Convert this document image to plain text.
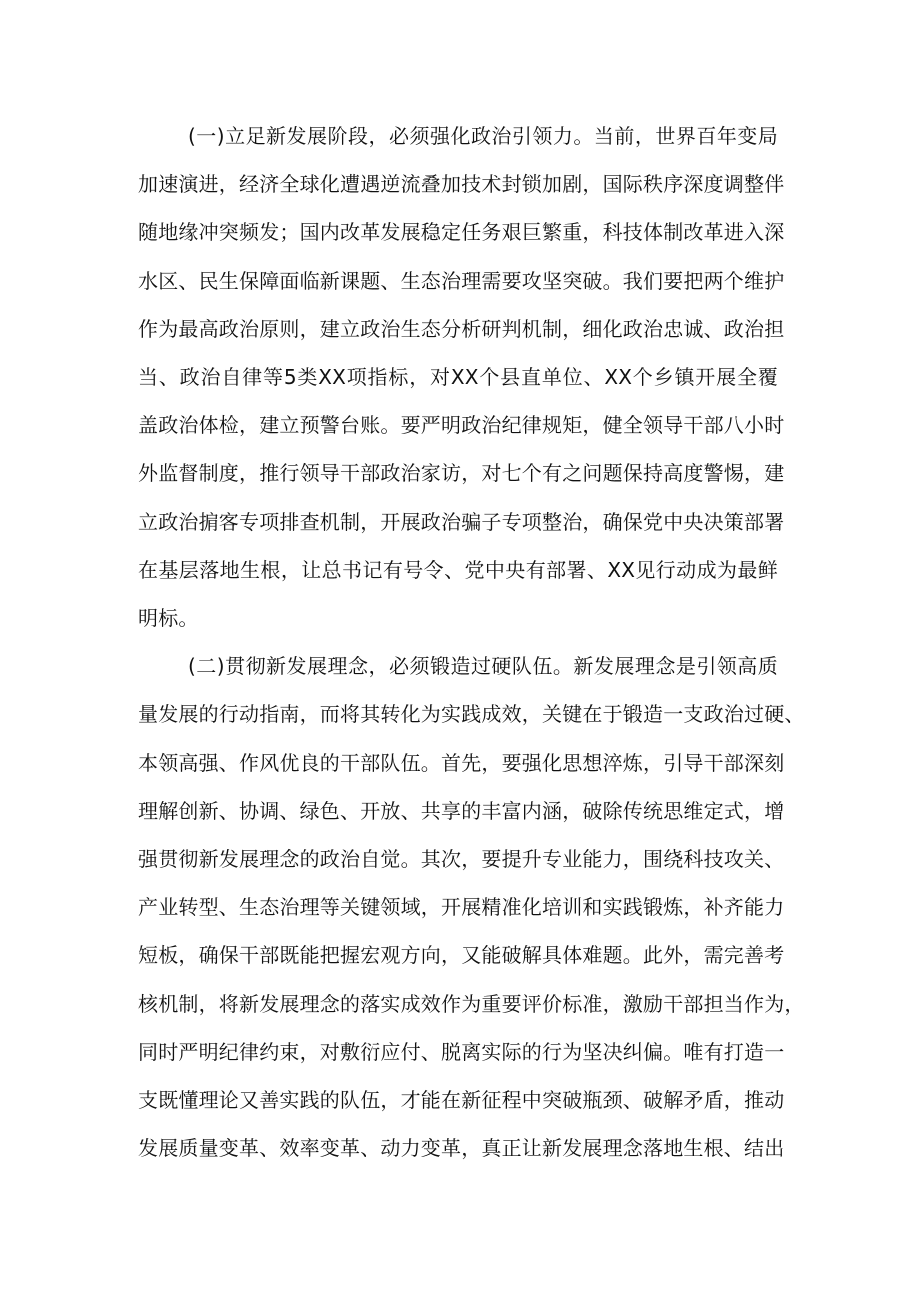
(一)立足新发展阶段，必须强化政治引领力。当前，世界百年变局
加速演进，经济全球化遭遇逆流叠加技术封锁加剧，国际秩序深度调整伴
随地缘冲突频发；国内改革发展稳定任务艰巨繁重，科技体制改革进入深
水区、民生保障面临新课题、生态治理需要攻坚突破。我们要把两个维护
作为最高政治原则，建立政治生态分析研判机制，细化政治忠诚、政治担
当、政治自律等5类XX项指标，对XX个县直单位、XX个乡镇开展全覆
盖政治体检，建立预警台账。要严明政治纪律规矩，健全领导干部八小时
外监督制度，推行领导干部政治家访，对七个有之问题保持高度警惕，建
立政治掮客专项排查机制，开展政治骗子专项整治，确保党中央决策部署
在基层落地生根，让总书记有号令、党中央有部署、XX见行动成为最鲜
明标。

(二)贯彻新发展理念，必须锻造过硬队伍。新发展理念是引领高质
量发展的行动指南，而将其转化为实践成效，关键在于锻造一支政治过硬、
本领高强、作风优良的干部队伍。首先，要强化思想淬炼，引导干部深刻
理解创新、协调、绿色、开放、共享的丰富内涵，破除传统思维定式，增
强贯彻新发展理念的政治自觉。其次，要提升专业能力，围绕科技攻关、
产业转型、生态治理等关键领域，开展精准化培训和实践锻炼，补齐能力
短板，确保干部既能把握宏观方向，又能破解具体难题。此外，需完善考
核机制，将新发展理念的落实成效作为重要评价标准，激励干部担当作为，
同时严明纪律约束，对敷衍应付、脱离实际的行为坚决纠偏。唯有打造一
支既懂理论又善实践的队伍，才能在新征程中突破瓶颈、破解矛盾，推动
发展质量变革、效率变革、动力变革，真正让新发展理念落地生根、结出
